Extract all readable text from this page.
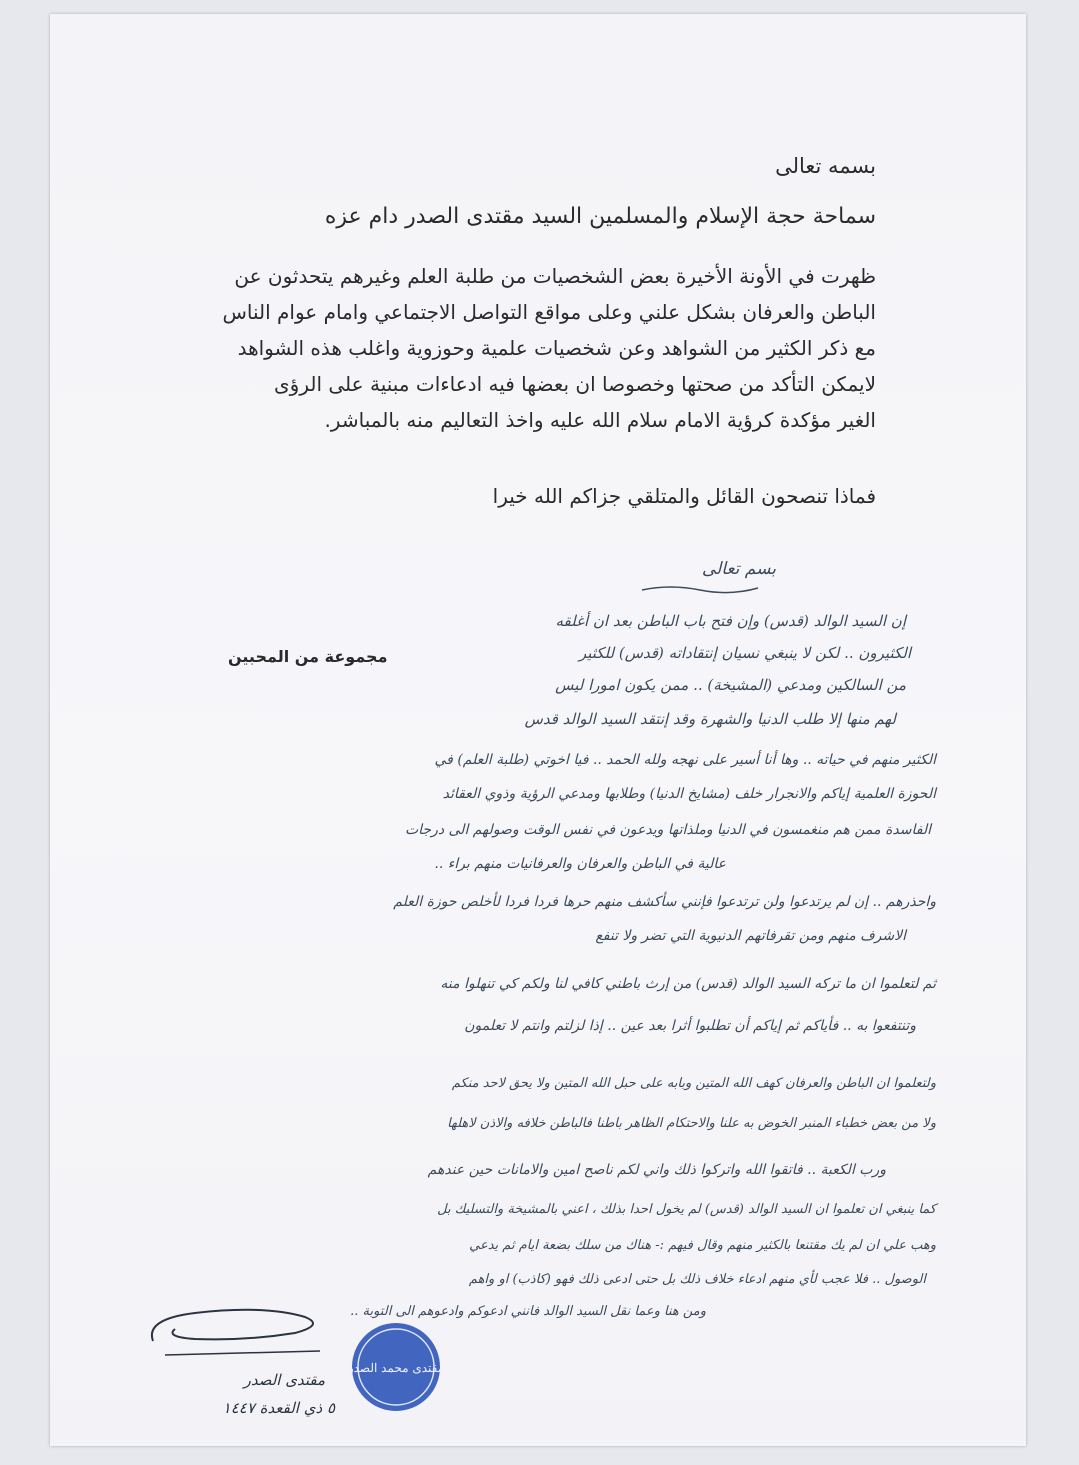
بسمه تعالى
سماحة حجة الإسلام والمسلمين السيد مقتدى الصدر دام عزه
ظهرت في الأونة الأخيرة بعض الشخصيات من طلبة العلم وغيرهم يتحدثون عن
الباطن والعرفان بشكل علني وعلى مواقع التواصل الاجتماعي وامام عوام الناس
مع ذكر الكثير من الشواهد وعن شخصيات علمية وحوزوية واغلب هذه الشواهد
لايمكن التأكد من صحتها وخصوصا ان بعضها فيه ادعاءات مبنية على الرؤى
الغير مؤكدة كرؤية الامام سلام الله عليه واخذ التعاليم منه بالمباشر.
فماذا تنصحون القائل والمتلقي جزاكم الله خيرا
بسم تعالى
إن السيد الوالد (قدس) وإن فتح باب الباطن بعد ان أغلقه
الكثيرون .. لكن لا ينبغي نسيان إنتقاداته (قدس) للكثير
مجموعة من المحبين
من السالكين ومدعي (المشيخة) .. ممن يكون امورا ليس
لهم منها إلا طلب الدنيا والشهرة وقد إنتقد السيد الوالد قدس
الكثير منهم في حياته .. وها أنا أسير على نهجه ولله الحمد .. فيا اخوتي (طلبة العلم) في
الحوزة العلمية إياكم والانجرار خلف (مشايخ الدنيا) وطلابها ومدعي الرؤية وذوي العقائد
الفاسدة ممن هم منغمسون في الدنيا وملذاتها ويدعون في نفس الوقت وصولهم الى درجات
عالية في الباطن والعرفان والعرفانيات منهم براء ..
واحذرهم .. إن لم يرتدعوا ولن ترتدعوا فإنني سأكشف منهم حرها فردا فردا لأخلص حوزة العلم
الاشرف منهم ومن تقرفاتهم الدنيوية التي تضر ولا تنفع
ثم لتعلموا ان ما تركه السيد الوالد (قدس) من إرث باطني كافي لنا ولكم كي تنهلوا منه
وتنتفعوا به .. فأياكم ثم إياكم أن تطلبوا أثرا بعد عين .. إذا لزلتم وانتم لا تعلمون
ولتعلموا ان الباطن والعرفان كهف الله المتين وبابه على حبل الله المتين ولا يحق لاحد منكم
ولا من بعض خطباء المنبر الخوض به علنا والاحتكام الظاهر باطنا فالباطن خلافه والاذن لاهلها
ورب الكعبة .. فاتقوا الله واتركوا ذلك واني لكم ناصح امين والامانات حين عندهم
كما ينبغي ان تعلموا ان السيد الوالد (قدس) لم يخول احدا بذلك ، اعني بالمشيخة والتسليك بل
وهب علي ان لم يك مقتنعا بالكثير منهم وقال فيهم :- هناك من سلك بضعة ايام ثم يدعي
الوصول .. فلا عجب لأي منهم ادعاء خلاف ذلك بل حتى ادعى ذلك فهو (كاذب) او واهم
ومن هنا وعما نقل السيد الوالد فانني ادعوكم وادعوهم الى التوبة ..
مقتدى الصدر
٥ ذي القعدة ١٤٤٧
مقتدى محمد الصدر
